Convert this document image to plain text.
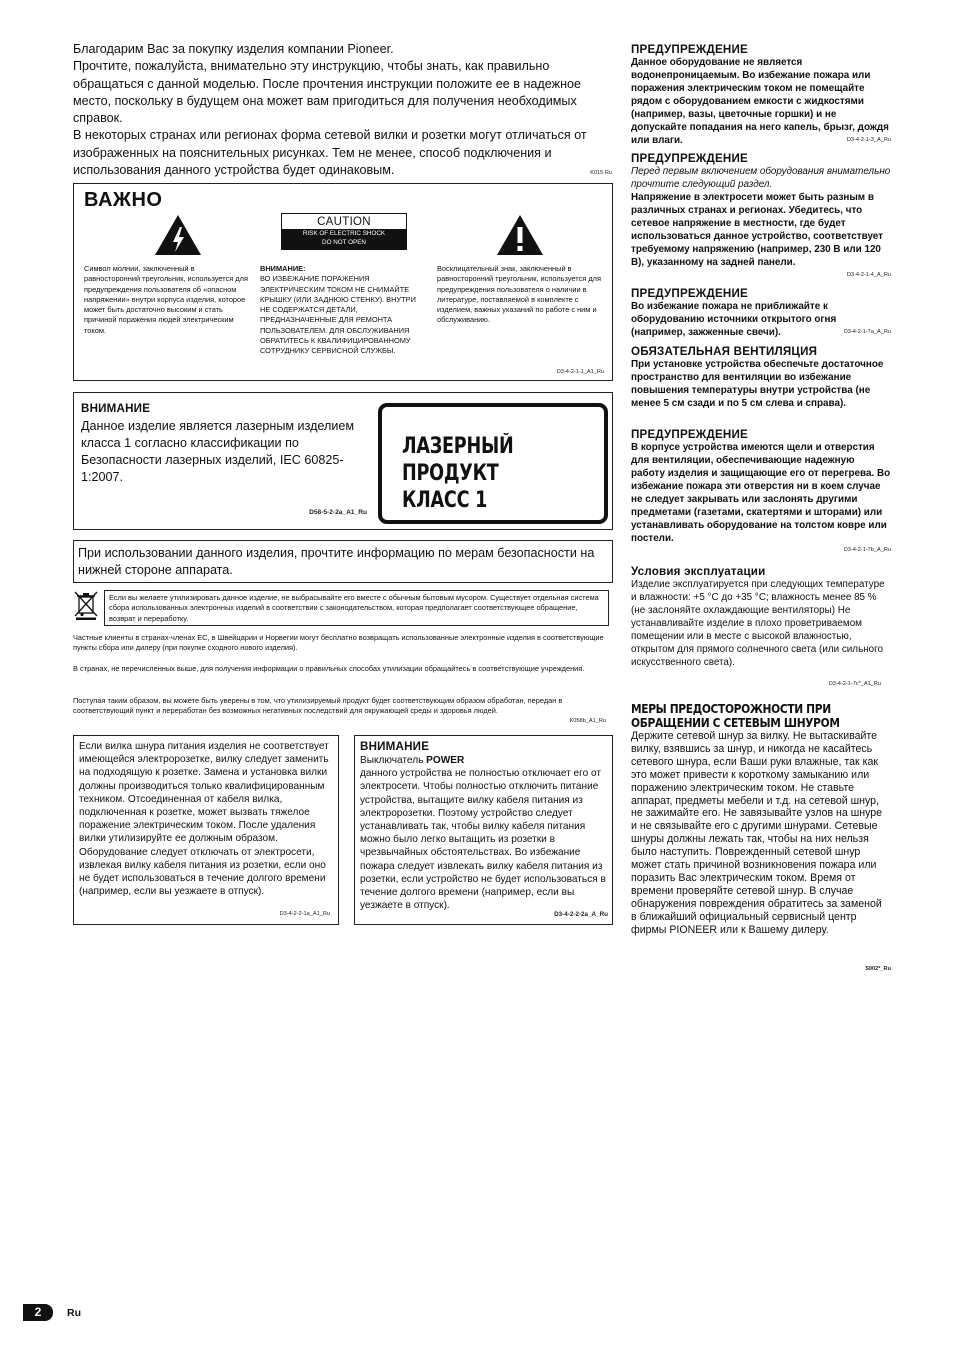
Благодарим Вас за покупку изделия компании Pioneer.

Прочтите, пожалуйста, внимательно эту инструкцию, чтобы знать, как правильно обращаться с данной моделью. После прочтения инструкции положите ее в надежное место, поскольку в будущем она может вам пригодиться для получения необходимых справок.

В некоторых странах или регионах форма сетевой вилки и розетки могут отличаться от изображенных на пояснительных рисунках. Тем не менее, способ подключения и использования данного устройства будет одинаковым.	K015 Ru
ВАЖНО
CAUTION
RISK OF ELECTRIC SHOCK
DO NOT OPEN
Символ молнии, заключенный в равносторонний треугольник, используется для предупреждения пользователя об «опасном напряжении» внутри корпуса изделия, которое может быть достаточно высоким и стать причиной поражения людей электрическим током.
ВНИМАНИЕ:
ВО ИЗБЕЖАНИЕ ПОРАЖЕНИЯ ЭЛЕКТРИЧЕСКИМ ТОКОМ НЕ СНИМАЙТЕ КРЫШКУ (ИЛИ ЗАДНЮЮ СТЕНКУ). ВНУТРИ НЕ СОДЕРЖАТСЯ ДЕТАЛИ, ПРЕДНАЗНАЧЕННЫЕ ДЛЯ РЕМОНТА ПОЛЬЗОВАТЕЛЕМ. ДЛЯ ОБСЛУЖИВАНИЯ ОБРАТИТЕСЬ К КВАЛИФИЦИРОВАННОМУ СОТРУДНИКУ СЕРВИСНОЙ СЛУЖБЫ.
Восклицательный знак, заключенный в равносторонний треугольник, используется для предупреждения пользователя о наличии в литературе, поставляемой в комплекте с изделием, важных указаний по работе с ним и обслуживанию.
D3-4-2-1-1_A1_Ru
ВНИМАНИЕ
Данное изделие является лазерным изделием класса 1 согласно классификации по Безопасности лазерных изделий, IEC 60825-1:2007.
D58-5-2-2a_A1_Ru
ЛАЗЕРНЫЙ
ПРОДУКТ КЛАСС 1
При использовании данного изделия, прочтите информацию по мерам безопасности на нижней стороне аппарата.
Если вы желаете утилизировать данное изделие, не выбрасывайте его вместе с обычным бытовым мусором. Существует отдельная система сбора использованных электронных изделий в соответствии с законодательством, которая предполагает соответствующее обращение, возврат и переработку.
Частные клиенты в странах-членах ЕС, в Швейцарии и Норвегии могут бесплатно возвращать использованные электронные изделия в соответствующие пункты сбора или дилеру (при покупке сходного нового изделия).
В странах, не перечисленных выше, для получения информации о правильных способах утилизации обращайтесь в соответствующие учреждения.
Поступая таким образом, вы можете быть уверены в том, что утилизируемый продукт будет соответствующим образом обработан, передан в соответствующий пункт и переработан без возможных негативных последствий для окружающей среды и здоровья людей.
K058b_A1_Ru
Если вилка шнура питания изделия не соответствует имеющейся электророзетке, вилку следует заменить на подходящую к розетке. Замена и установка вилки должны производиться только квалифицированным техником. Отсоединенная от кабеля вилка, подключенная к розетке, может вызвать тяжелое поражение электрическим током. После удаления вилки утилизируйте ее должным образом. Оборудование следует отключать от электросети, извлекая вилку кабеля питания из розетки, если оно не будет использоваться в течение долгого времени (например, если вы уезжаете в отпуск).
D3-4-2-2-1a_A1_Ru
ВНИМАНИЕ
Выключатель POWER
данного устройства не полностью отключает его от электросети. Чтобы полностью отключить питание устройства, вытащите вилку кабеля питания из электророзетки. Поэтому устройство следует устанавливать так, чтобы вилку кабеля питания можно было легко вытащить из розетки в чрезвычайных обстоятельствах. Во избежание пожара следует извлекать вилку кабеля питания из розетки, если устройство не будет использоваться в течение долгого времени (например, если вы уезжаете в отпуск).
D3-4-2-2-2a_A_Ru
ПРЕДУПРЕЖДЕНИЕ
Данное оборудование не является водонепроницаемым. Во избежание пожара или поражения электрическим током не помещайте рядом с оборудованием емкости с жидкостями (например, вазы, цветочные горшки) и не допускайте попадания на него капель, брызг, дождя или влаги.	D3-4-2-1-3_A_Ru
ПРЕДУПРЕЖДЕНИЕ
Перед первым включением оборудования внимательно прочтите следующий раздел.
Напряжение в электросети может быть разным в различных странах и регионах. Убедитесь, что сетевое напряжение в местности, где будет использоваться данное устройство, соответствует требуемому напряжению (например, 230 В или 120 В), указанному на задней панели.
D3-4-2-1-4_A_Ru
ПРЕДУПРЕЖДЕНИЕ
Во избежание пожара не приближайте к оборудованию источники открытого огня (например, зажженные свечи).	D3-4-2-1-7a_A_Ru
ОБЯЗАТЕЛЬНАЯ ВЕНТИЛЯЦИЯ
При установке устройства обеспечьте достаточное пространство для вентиляции во избежание повышения температуры внутри устройства (не менее 5 см сзади и по 5 см слева и справа).
ПРЕДУПРЕЖДЕНИЕ
В корпусе устройства имеются щели и отверстия для вентиляции, обеспечивающие надежную работу изделия и защищающие его от перегрева. Во избежание пожара эти отверстия ни в коем случае не следует закрывать или заслонять другими предметами (газетами, скатертями и шторами) или устанавливать оборудование на толстом ковре или постели.
D3-4-2-1-7b_A_Ru
Условия эксплуатации
Изделие эксплуатируется при следующих температуре и влажности: +5 °C до +35 °C; влажность менее 85 % (не заслоняйте охлаждающие вентиляторы) Не устанавливайте изделие в плохо проветриваемом помещении или в месте с высокой влажностью, открытом для прямого солнечного света (или сильного искусственного света).
D3-4-2-1-7c*_A1_Ru
МЕРЫ ПРЕДОСТОРОЖНОСТИ ПРИ ОБРАЩЕНИИ С СЕТЕВЫМ ШНУРОМ
Держите сетевой шнур за вилку. Не вытаскивайте вилку, взявшись за шнур, и никогда не касайтесь сетевого шнура, если Ваши руки влажные, так как это может привести к короткому замыканию или поражению электрическим током. Не ставьте аппарат, предметы мебели и т.д. на сетевой шнур, не зажимайте его. Не завязывайте узлов на шнуре и не связывайте его с другими шнурами. Сетевые шнуры должны лежать так, чтобы на них нельзя было наступить. Поврежденный сетевой шнур может стать причиной возникновения пожара или поразить Вас электрическим током. Время от времени проверяйте сетевой шнур. В случае обнаружения повреждения обратитесь за заменой в ближайший официальный сервисный центр фирмы PIONEER или к Вашему дилеру.
S002*_Ru
2	Ru
